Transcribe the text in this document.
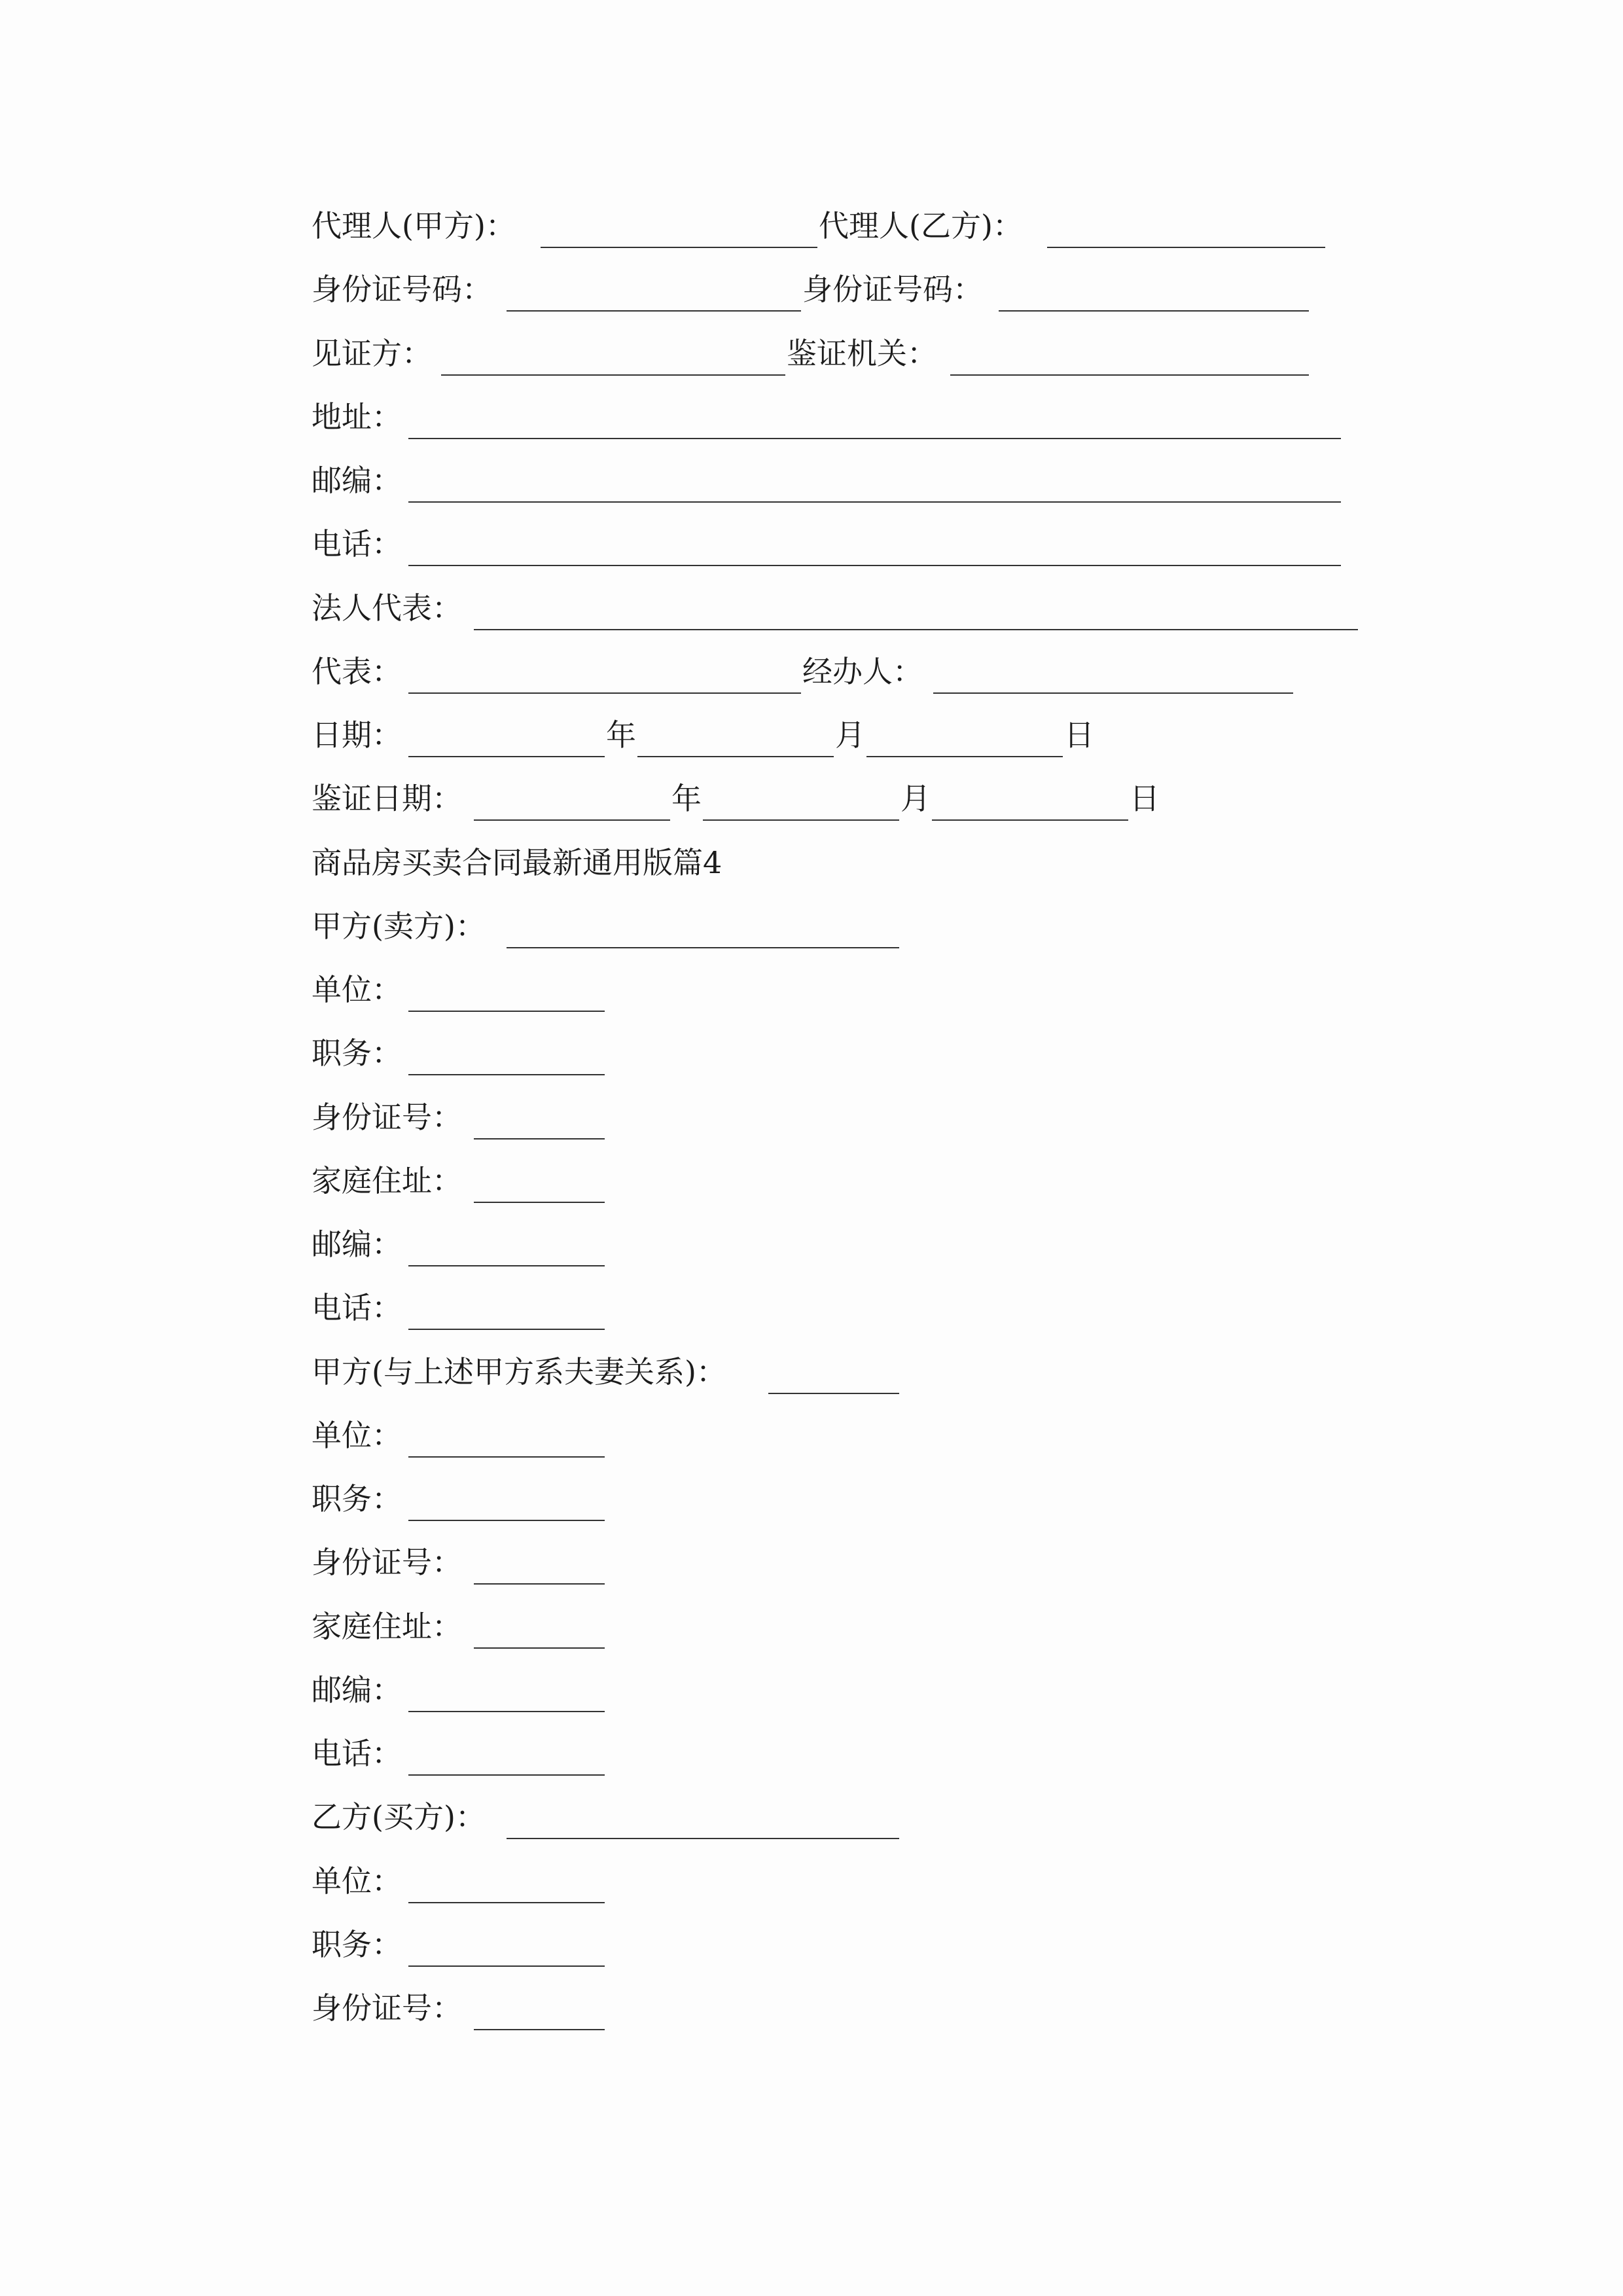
代理人(甲方)：	代理人(乙方)：
身份证号码：	身份证号码：
见证方：	鉴证机关：
地址：
邮编：
电话：
法人代表：
代表：	经办人：
日期：	年	月	日
鉴证日期：	年	月	日
商品房买卖合同最新通用版篇4
甲方(卖方)：
单位：
职务：
身份证号：
家庭住址：
邮编：
电话：
甲方(与上述甲方系夫妻关系)：
单位：
职务：
身份证号：
家庭住址：
邮编：
电话：
乙方(买方)：
单位：
职务：
身份证号：
